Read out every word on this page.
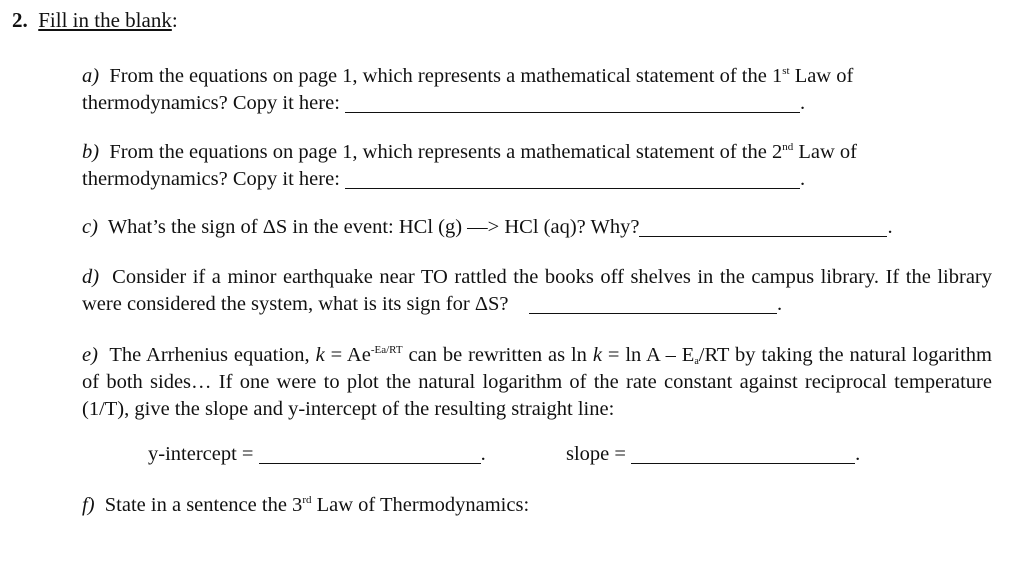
2. Fill in the blank:
a) From the equations on page 1, which represents a mathematical statement of the 1st Law of
thermodynamics? Copy it here:	.
b) From the equations on page 1, which represents a mathematical statement of the 2nd Law of
thermodynamics? Copy it here:	.
c) What’s the sign of ΔS in the event: HCl (g) —> HCl (aq)? Why?	.
d) Consider if a minor earthquake near TO rattled the books off shelves in the campus library. If the library were considered the system, what is its sign for ΔS?	.
e) The Arrhenius equation, $k = Ae^{-Ea/RT}$ can be rewritten as $\ln k = \ln A - E_a/RT$ by taking the natural logarithm of both sides… If one were to plot the natural logarithm of the rate constant against reciprocal temperature (1/T), give the slope and y-intercept of the resulting straight line:
y-intercept =	.	slope =	.
f) State in a sentence the 3rd Law of Thermodynamics:
